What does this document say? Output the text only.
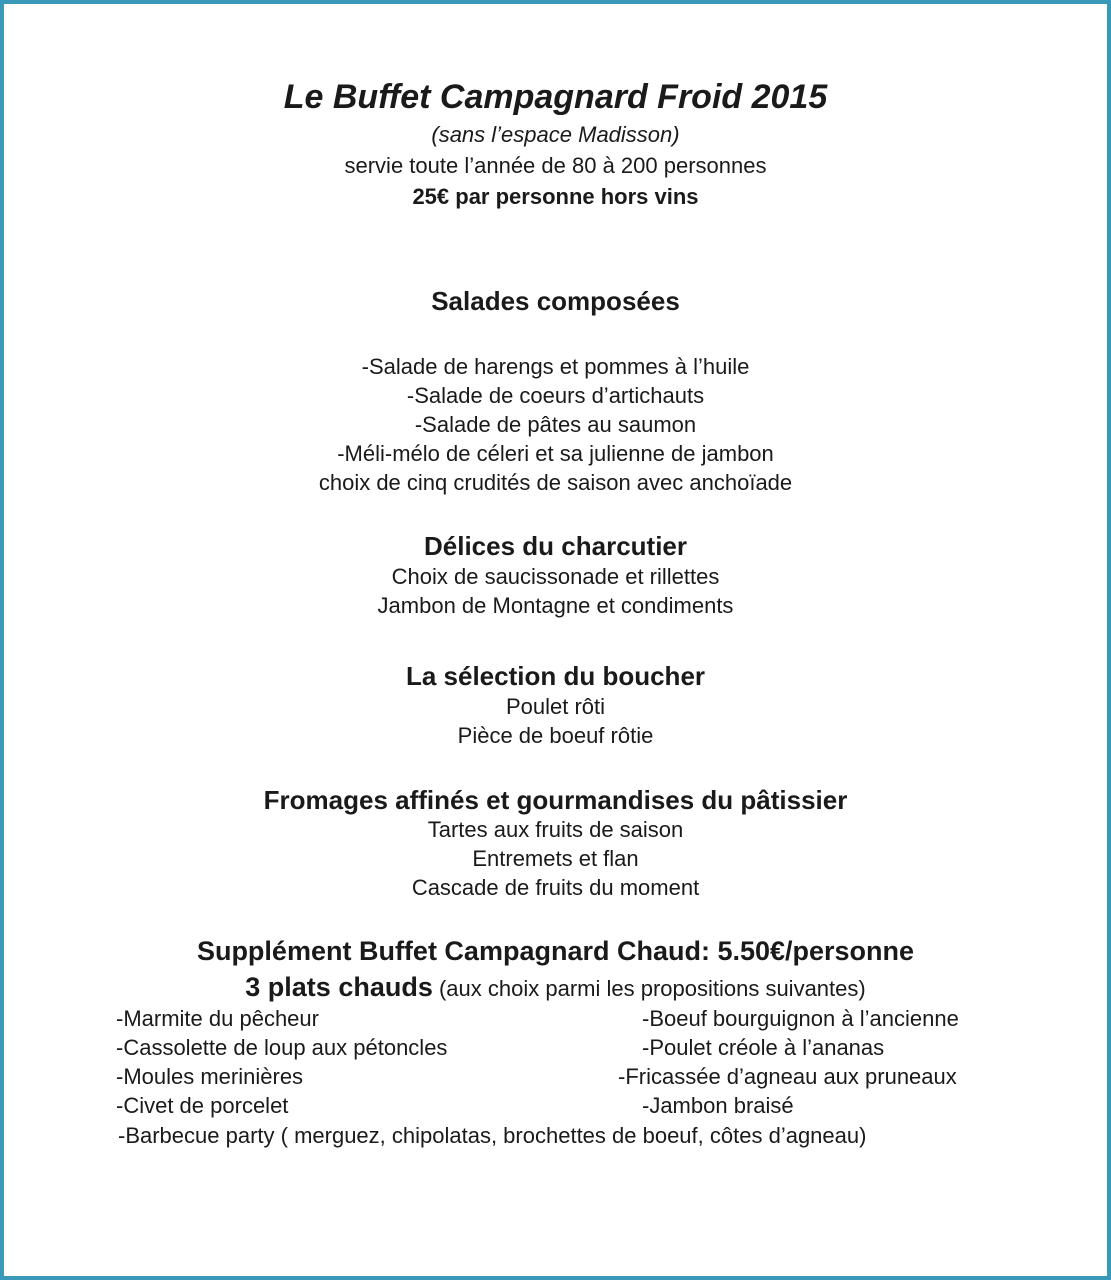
Le Buffet Campagnard Froid 2015
(sans l’espace Madisson)
servie toute l’année de 80 à 200 personnes
25€ par personne hors vins
Salades composées
-Salade de harengs et pommes à l’huile
-Salade de coeurs d’artichauts
-Salade de pâtes au saumon
-Méli-mélo de céleri et sa julienne de jambon
choix de cinq crudités de saison avec anchoïade
Délices du charcutier
Choix de saucissonade et rillettes
Jambon de Montagne et condiments
La sélection du boucher
Poulet rôti
Pièce de boeuf rôtie
Fromages affinés et gourmandises du pâtissier
Tartes aux fruits de saison
Entremets et flan
Cascade de fruits du moment
Supplément Buffet Campagnard Chaud: 5.50€/personne
3 plats chauds (aux choix parmi les propositions suivantes)
-Marmite du pêcheur
-Cassolette de loup aux pétoncles
-Moules merinières
-Civet de porcelet
-Boeuf bourguignon à l’ancienne
-Poulet créole à l’ananas
-Fricassée d’agneau aux pruneaux
-Jambon braisé
-Barbecue party ( merguez, chipolatas, brochettes de boeuf, côtes d’agneau)
